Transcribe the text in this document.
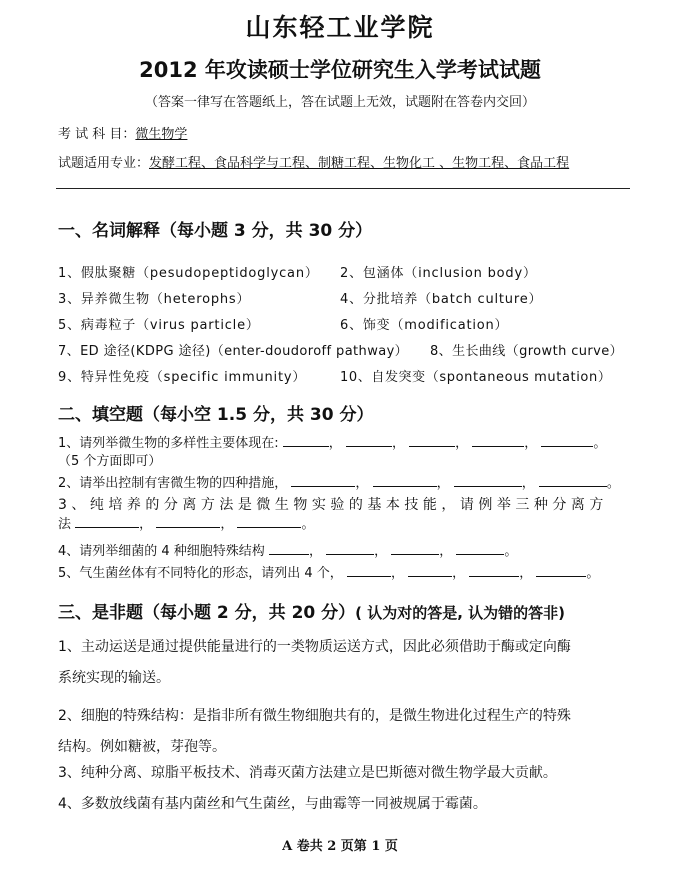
山东轻工业学院
2012 年攻读硕士学位研究生入学考试试题
（答案一律写在答题纸上，答在试题上无效，试题附在答卷内交回）
考 试 科 目：微生物学
试题适用专业：发酵工程、食品科学与工程、制糖工程、生物化工 、生物工程、食品工程
一、名词解释（每小题 3 分，共 30 分）
1、假肽聚糖（pesudopeptidoglycan） 2、包涵体（inclusion body）
3、异养微生物（heterophs）	4、分批培养（batch culture）
5、病毒粒子（virus particle）	6、饰变（modification）
7、ED 途径(KDPG 途径)（enter-doudoroff pathway） 8、生长曲线（growth curve）
9、特异性免疫（specific immunity）	10、自发突变（spontaneous mutation）
二、填空题（每小空 1.5 分，共 30 分）
1、请列举微生物的多样性主要体现在:	，	，	，	，	。
（5 个方面即可）
2、请举出控制有害微生物的四种措施，	，	，	，	。
3、纯培养的分离方法是微生物实验的基本技能，请例举三种分离方
法	，	，	。
4、请列举细菌的 4 种细胞特殊结构	，	，	，	。
5、气生菌丝体有不同特化的形态，请列出 4 个，	，	，	，	。
三、是非题（每小题 2 分，共 20 分）( 认为对的答是, 认为错的答非)
1、主动运送是通过提供能量进行的一类物质运送方式，因此必须借助于酶或定向酶
系统实现的输送。
2、细胞的特殊结构：是指非所有微生物细胞共有的，是微生物进化过程生产的特殊
结构。例如糖被，芽孢等。
3、纯种分离、琼脂平板技术、消毒灭菌方法建立是巴斯德对微生物学最大贡献。
4、多数放线菌有基内菌丝和气生菌丝，与曲霉等一同被规属于霉菌。
A 卷共 2 页第 1 页
